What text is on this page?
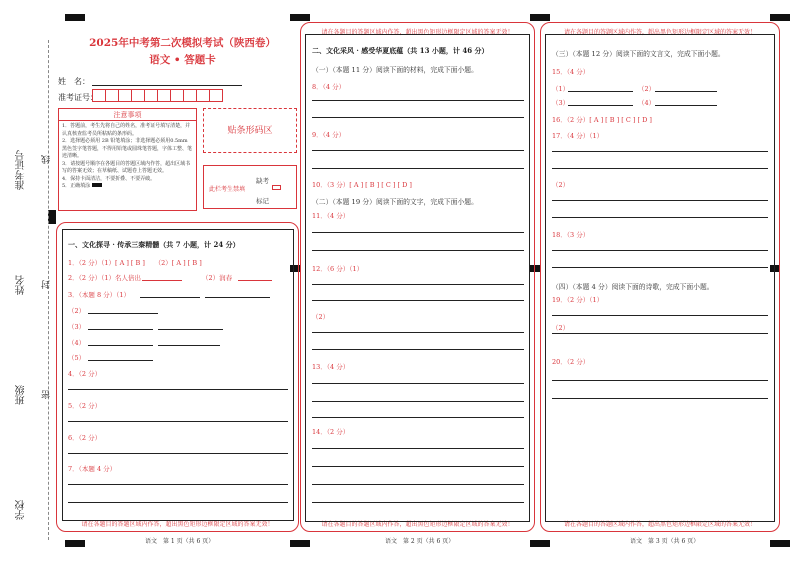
准考证号 线
姓名 封
班级 密
学校
2025年中考第二次模拟考试（陕西卷）
语文 • 答题卡
姓　名：
准考证号：
注意事项
1．答题前，考生先将自己的姓名，准考证号填写清楚，并认真核查监考员所粘贴的条形码。
2．选择题必须用 2B 铅笔填涂；非选择题必须用0.5mm 黑色签字笔答题，不得用铅笔或圆珠笔答题，字体工整、笔迹清晰。
3．请按题号顺序在各题目的答题区域内作答，超出区域书写的答案无效；在草稿纸、试题卷上答题无效。
4．保持卡面清洁，不要折叠、不要弄破。
5．正确填涂
贴条形码区
此栏考生禁填
缺考
标记
请在各题目的答题区域内作答，超出黑色矩形边框限定区域的答案无效！
一、文化探寻 · 传承三秦精髓（共 7 小题，计 24 分）
1．（2 分）（1）[ A ] [ B ]　　（2）[ A ] [ B ]
2．（2 分）（1）名人倍出	（2）润春
3．（本题 8 分）（1）
（2）
（3）
（4）
（5）
4．（2 分）
5．（2 分）
6．（2 分）
7．（本题 4 分）
语文　第 1 页（共 6 页）
请在各题目的答题区域内作答，超出黑色矩形边框限定区域的答案无效！
请在各题目的答题区域内作答，超出黑色矩形边框限定区域的答案无效！
二、文化采风 · 感受华夏底蕴（共 13 小题，计 46 分）
（一）（本题 11 分）阅读下面的材料，完成下面小题。
8．（4 分）
9．（4 分）
10．（3 分）[ A ] [ B ] [ C ] [ D ]
（二）（本题 19 分）阅读下面的文字，完成下面小题。
11．（4 分）
12．（6 分）（1）
（2）
13．（4 分）
14．（2 分）
语文　第 2 页（共 6 页）
请在各题目的答题区域内作答，超出黑色矩形边框限定区域的答案无效！
请在各题目的答题区域内作答，超出黑色矩形边框限定区域的答案无效！
（三）（本题 12 分）阅读下面的文言文，完成下面小题。
15．（4 分）
（1）	（2）
（3）	（4）
16．（2 分）[ A ] [ B ] [ C ] [ D ]
17．（4 分）（1）
（2）
18．（3 分）
（四）（本题 4 分）阅读下面的诗歌，完成下面小题。
19．（2 分）（1）
（2）
20．（2 分）
语文　第 3 页（共 6 页）
